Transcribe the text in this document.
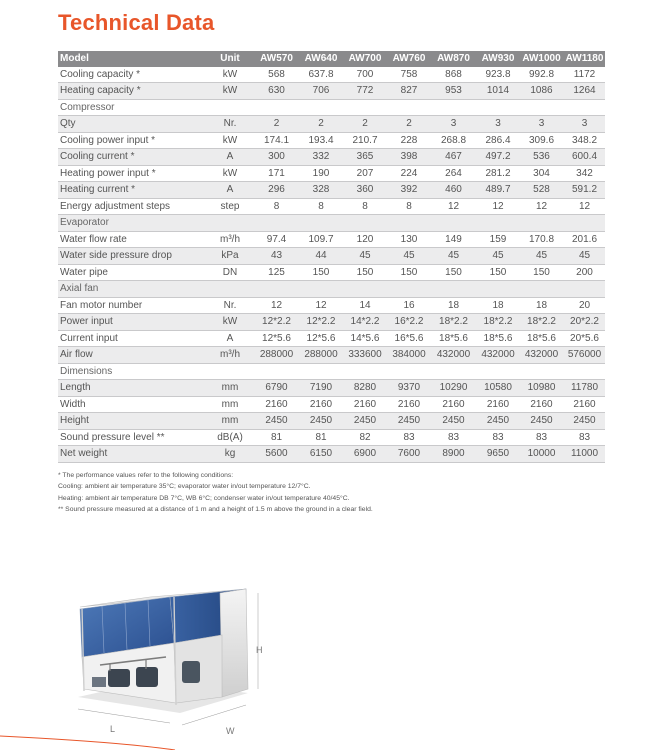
Technical Data
Model	Unit	AW570	AW640	AW700	AW760	AW870	AW930	AW1000	AW1180
Cooling capacity *	kW	568	637.8	700	758	868	923.8	992.8	1172
Heating capacity *	kW	630	706	772	827	953	1014	1086	1264
Compressor									
Qty	Nr.	2	2	2	2	3	3	3	3
Cooling power input *	kW	174.1	193.4	210.7	228	268.8	286.4	309.6	348.2
Cooling current *	A	300	332	365	398	467	497.2	536	600.4
Heating power input *	kW	171	190	207	224	264	281.2	304	342
Heating current *	A	296	328	360	392	460	489.7	528	591.2
Energy adjustment steps	step	8	8	8	8	12	12	12	12
Evaporator									
Water flow rate	m³/h	97.4	109.7	120	130	149	159	170.8	201.6
Water side pressure drop	kPa	43	44	45	45	45	45	45	45
Water pipe	DN	125	150	150	150	150	150	150	200
Axial fan									
Fan motor number	Nr.	12	12	14	16	18	18	18	20
Power input	kW	12*2.2	12*2.2	14*2.2	16*2.2	18*2.2	18*2.2	18*2.2	20*2.2
Current input	A	12*5.6	12*5.6	14*5.6	16*5.6	18*5.6	18*5.6	18*5.6	20*5.6
Air flow	m³/h	288000	288000	333600	384000	432000	432000	432000	576000
Dimensions									
Length	mm	6790	7190	8280	9370	10290	10580	10980	11780
Width	mm	2160	2160	2160	2160	2160	2160	2160	2160
Height	mm	2450	2450	2450	2450	2450	2450	2450	2450
Sound pressure level **	dB(A)	81	81	82	83	83	83	83	83
Net weight	kg	5600	6150	6900	7600	8900	9650	10000	11000
* The performance values refer to the following conditions:
Cooling: ambient air temperature 35°C; evaporator water in/out temperature 12/7°C.
Heating: ambient air temperature DB 7°C, WB 6°C; condenser water in/out temperature 40/45°C.
** Sound pressure measured at a distance of 1 m and a height of 1.5 m above the ground in a clear field.
H
L	W
